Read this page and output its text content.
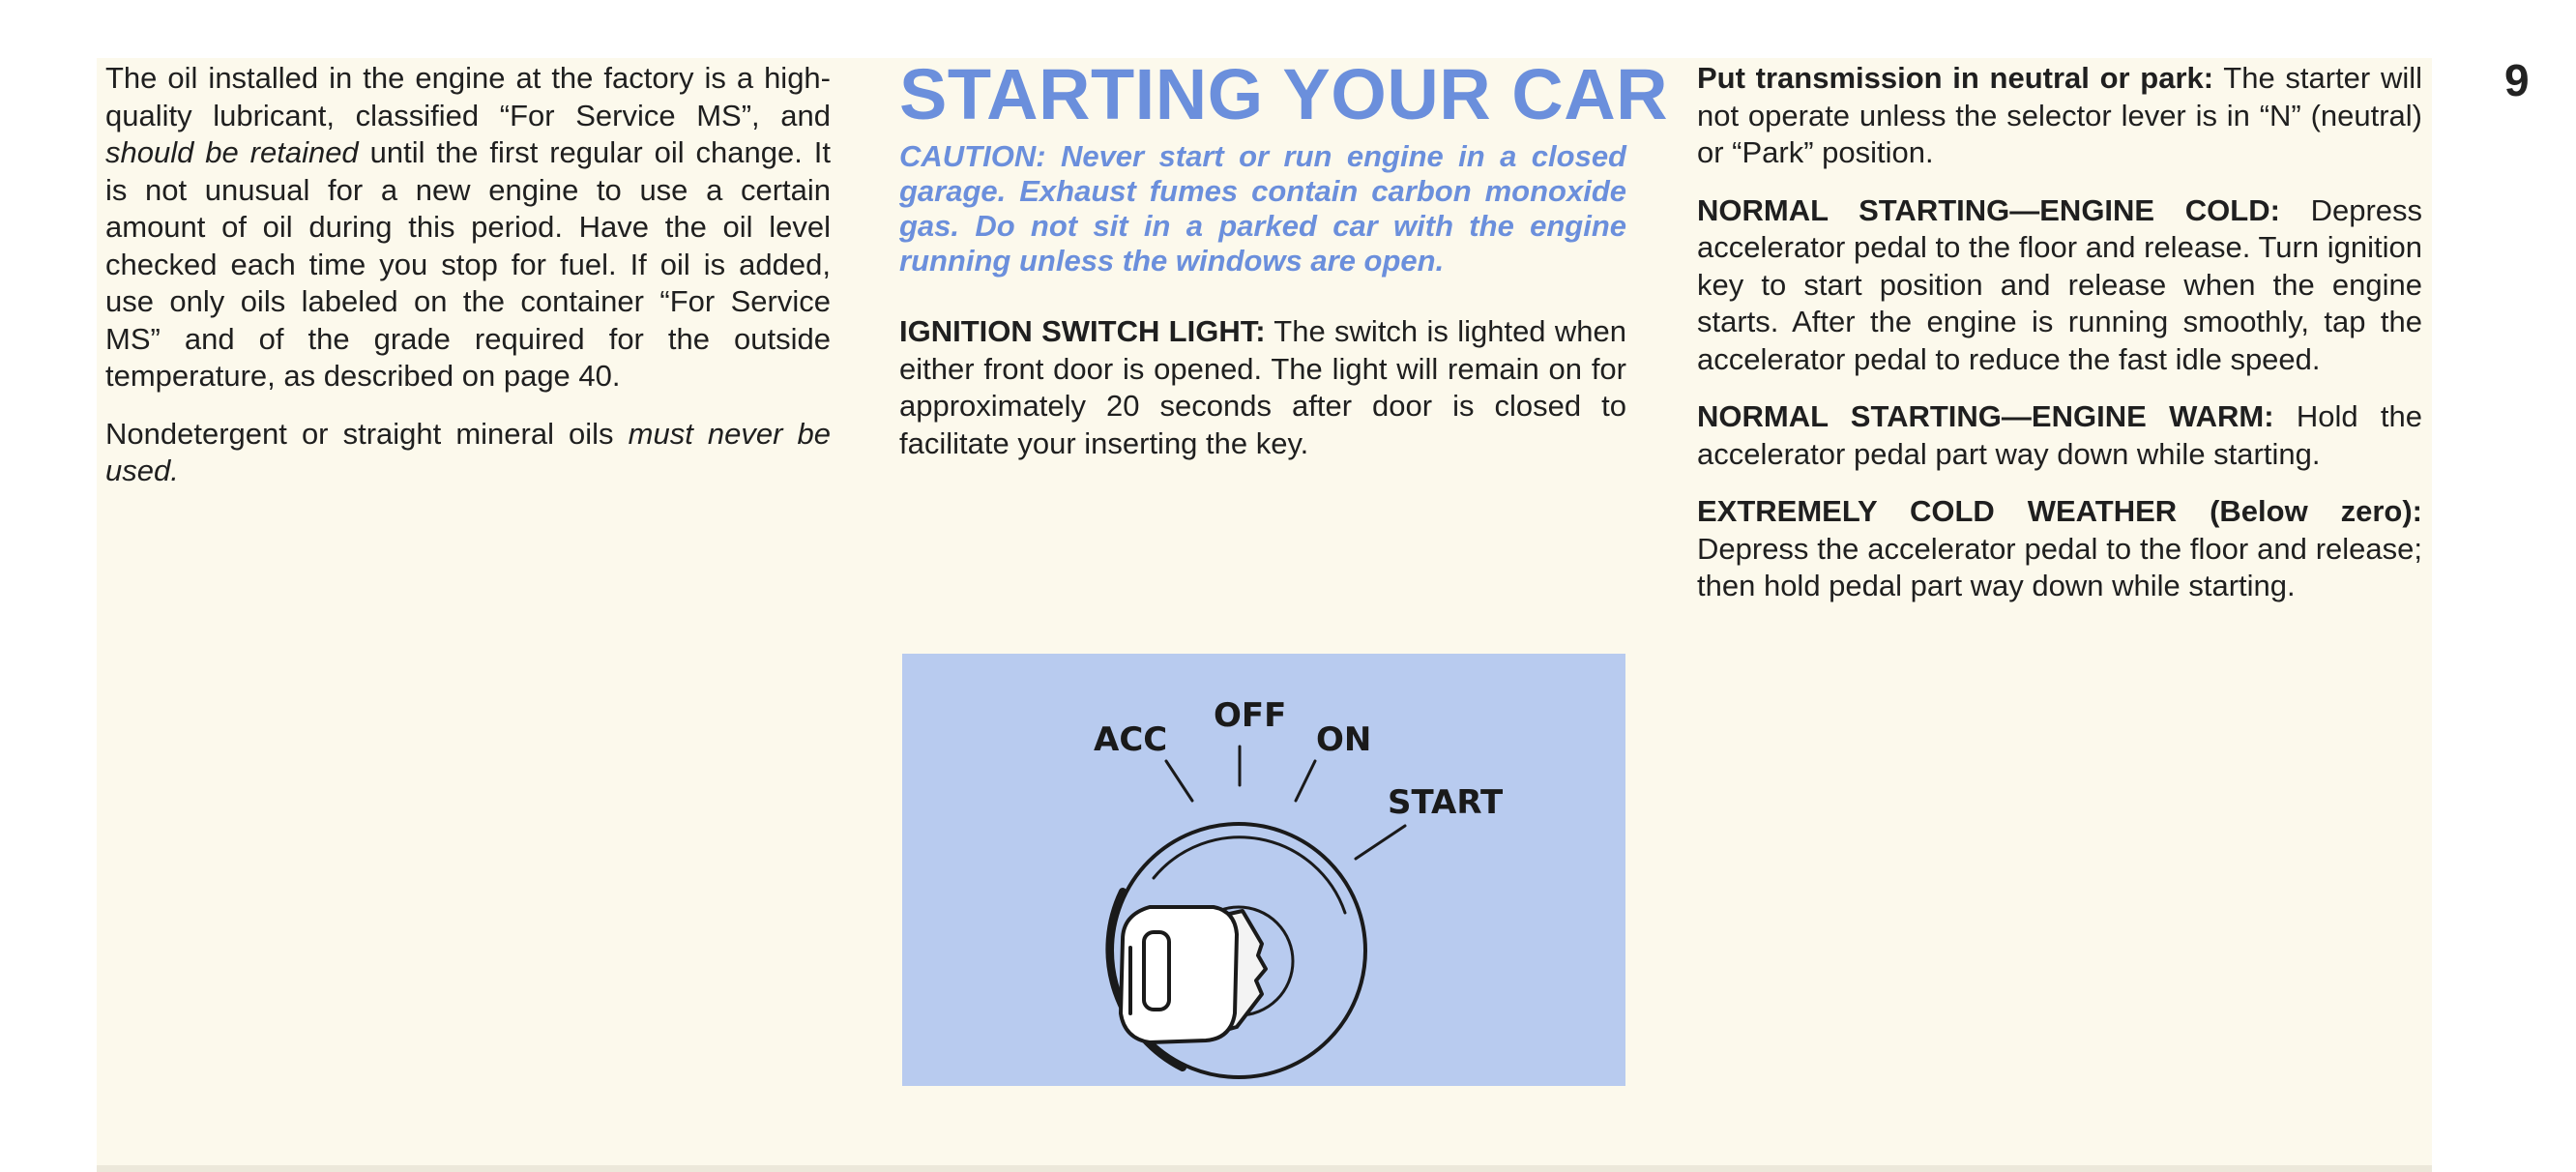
9

The oil installed in the engine at the factory is a high-quality lubricant, classified “For Service MS”, and should be retained until the first regular oil change. It is not unusual for a new engine to use a certain amount of oil during this period. Have the oil level checked each time you stop for fuel. If oil is added, use only oils labeled on the container “For Service MS” and of the grade required for the outside temperature, as described on page 40.

Nondetergent or straight mineral oils must never be used.

STARTING YOUR CAR

CAUTION: Never start or run engine in a closed garage. Exhaust fumes contain carbon monoxide gas. Do not sit in a parked car with the engine running unless the windows are open.

IGNITION SWITCH LIGHT: The switch is lighted when either front door is opened. The light will remain on for approximately 20 seconds after door is closed to facilitate your inserting the key.

OFF
ACC	ON
START

Put transmission in neutral or park: The starter will not operate unless the selector lever is in “N” (neutral) or “Park” position.

NORMAL STARTING—ENGINE COLD: Depress accelerator pedal to the floor and release. Turn ignition key to start position and release when the engine starts. After the engine is running smoothly, tap the accelerator pedal to reduce the fast idle speed.

NORMAL STARTING—ENGINE WARM: Hold the accelerator pedal part way down while starting.

EXTREMELY COLD WEATHER (Below zero): Depress the accelerator pedal to the floor and release; then hold pedal part way down while starting.
